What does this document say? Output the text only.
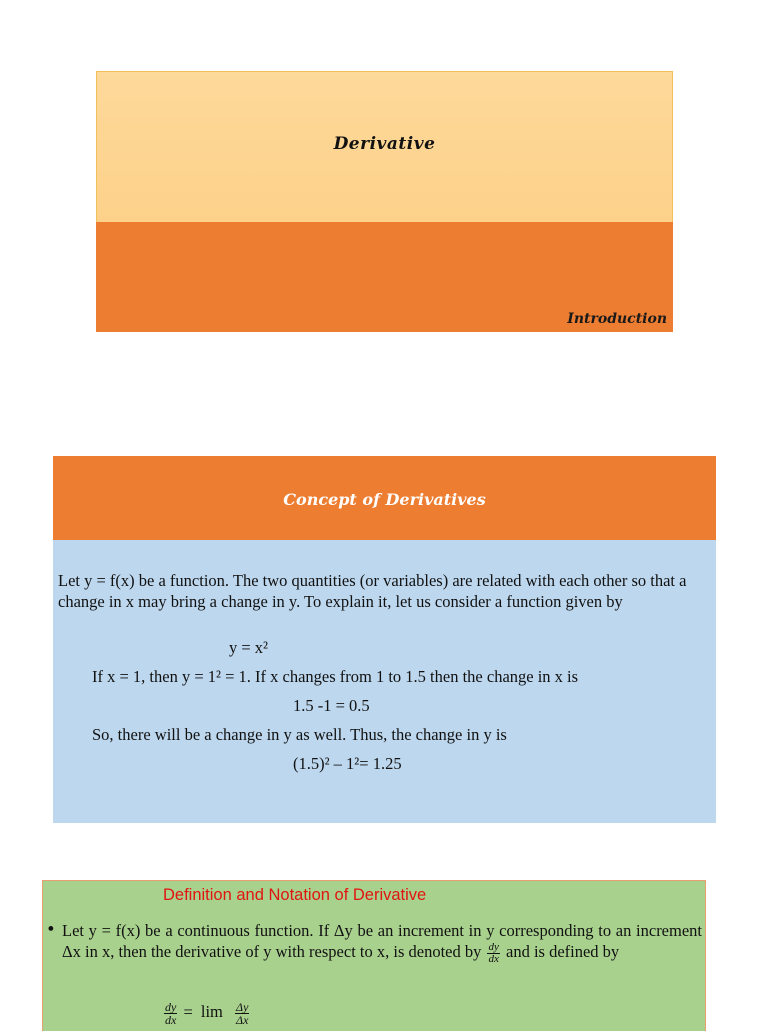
Derivative
Introduction
Concept of Derivatives

Let y = f(x) be a function. The two quantities (or variables) are related with each other so that a change in x may bring a change in y. To explain it, let us consider a function given by

y = x²
If x = 1, then y = 1² = 1. If x changes from 1 to 1.5 then the change in x is
1.5 -1 = 0.5
So, there will be a change in y as well. Thus, the change in y is
(1.5)² – 1²= 1.25
Definition and Notation of Derivative
• Let y = f(x) be a continuous function. If Δy be an increment in y corresponding to an increment Δx in x, then the derivative of y with respect to x, is denoted by $\frac{dy}{dx}$ and is defined by

$\frac{dy}{dx} = \lim \frac{\Delta y}{\Delta x}$
